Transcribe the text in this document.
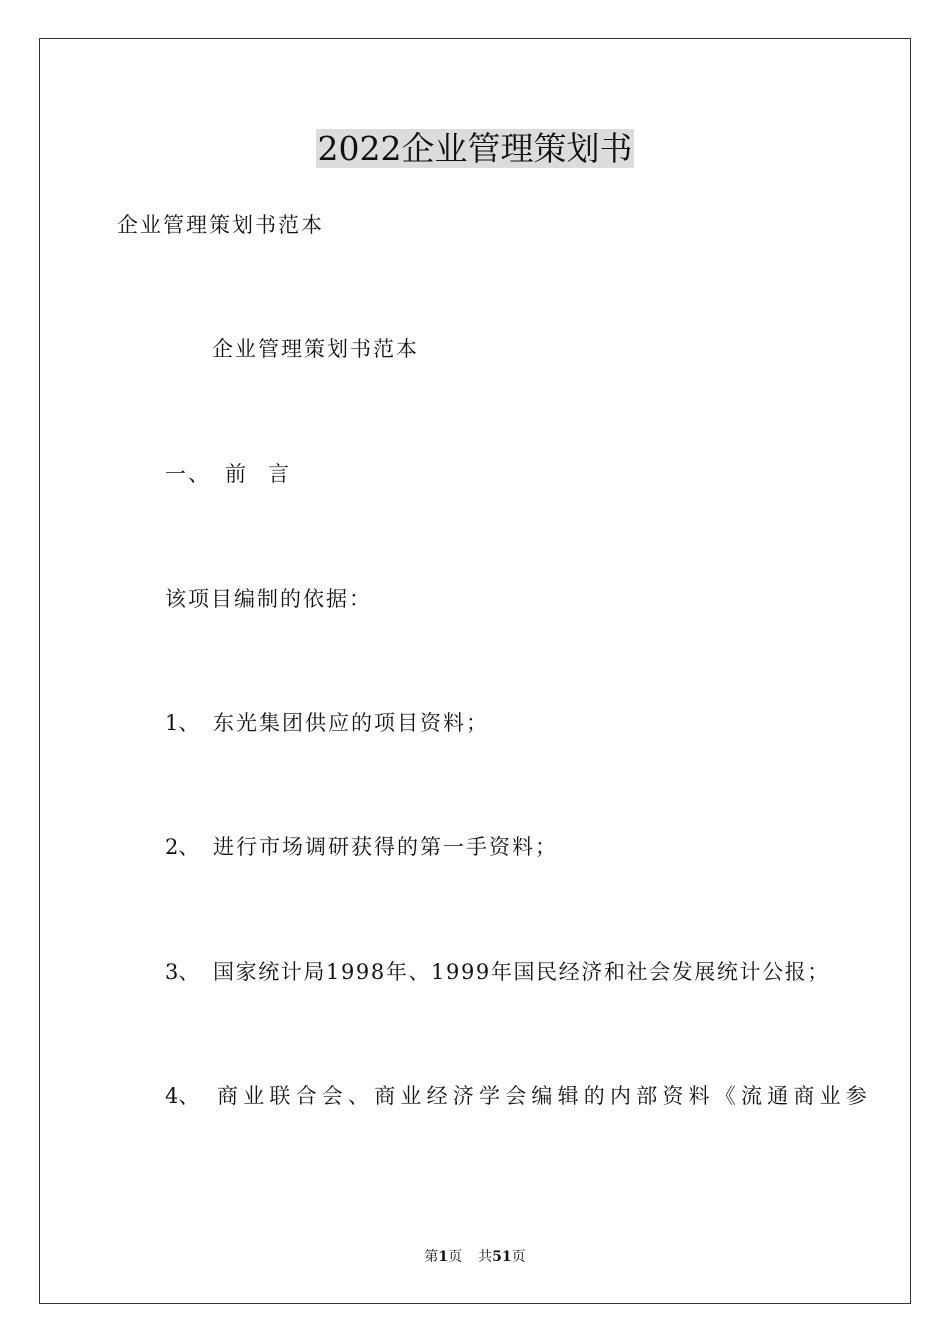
2022企业管理策划书
企业管理策划书范本
企业管理策划书范本
一、 前 言
该项目编制的依据：
1、 东光集团供应的项目资料；
2、 进行市场调研获得的第一手资料；
3、 国家统计局1998年、1999年国民经济和社会发展统计公报；
4、 商业联合会、商业经济学会编辑的内部资料《流通商业参
第1页 共51页
